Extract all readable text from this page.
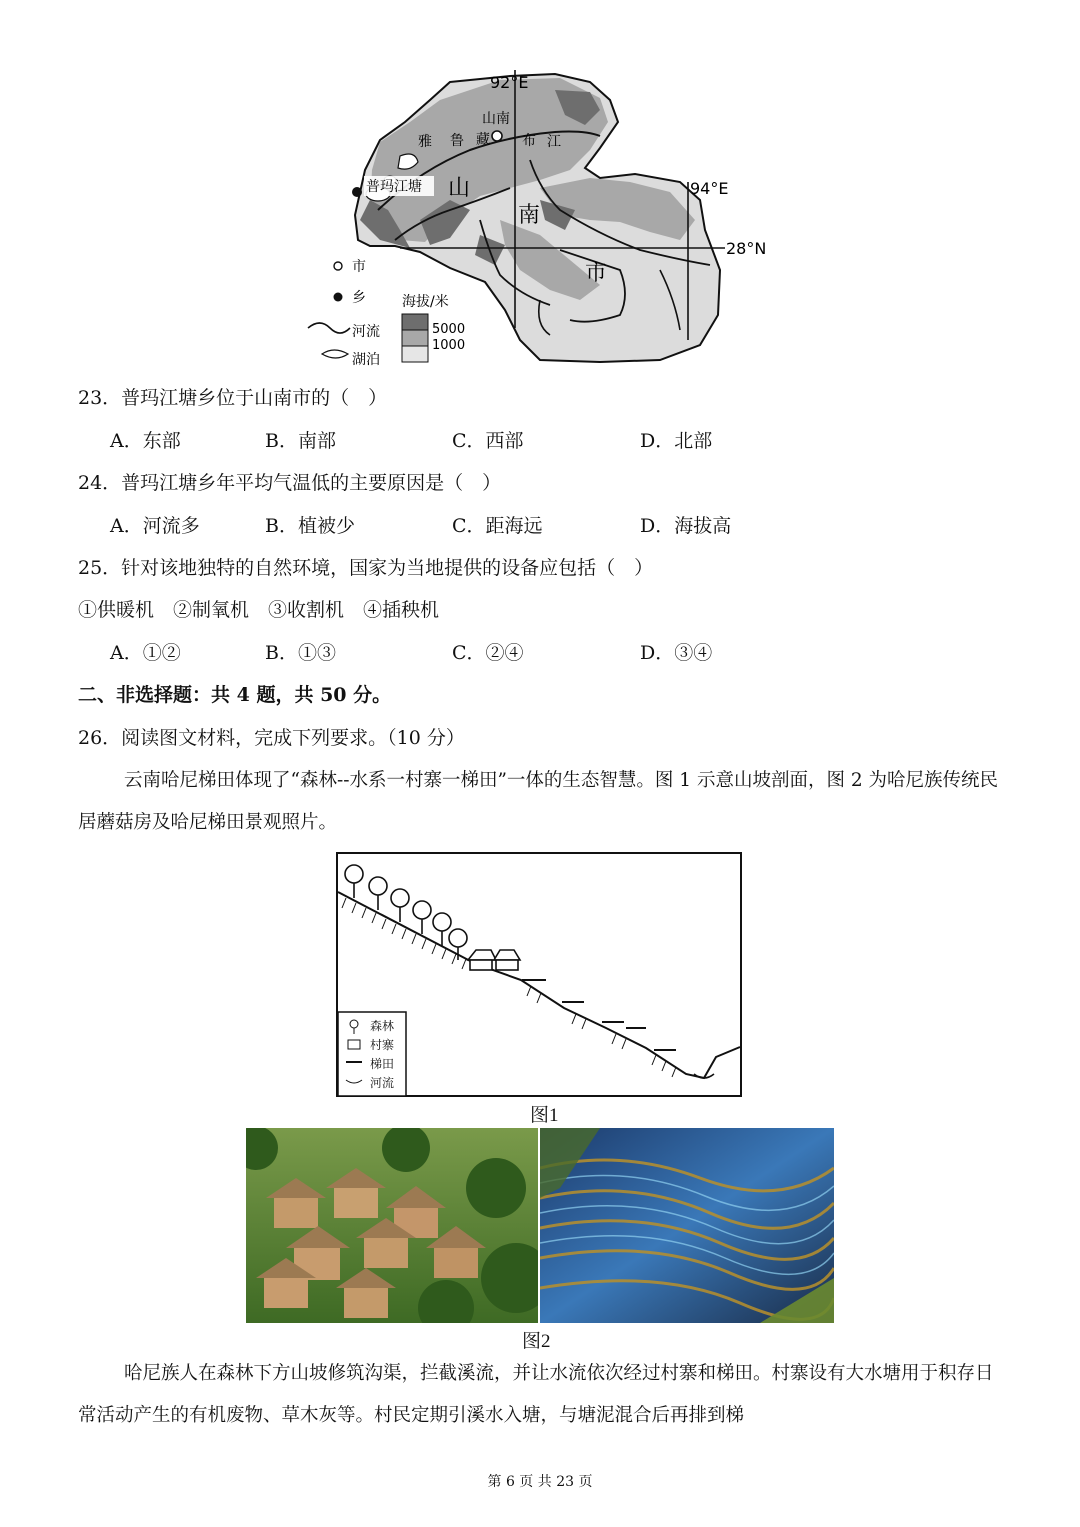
92°E
94°E
28°N
山南
雅 鲁 藏 布 江
普玛江塘 山
南
市
市
乡
河流
湖泊
海拔/米
5000
1000
23．普玛江塘乡位于山南市的（　）
A．东部	B．南部	C．西部	D．北部
24．普玛江塘乡年平均气温低的主要原因是（　）
A．河流多	B．植被少	C．距海远	D．海拔高
25．针对该地独特的自然环境，国家为当地提供的设备应包括（　）
①供暖机　②制氧机　③收割机　④插秧机
A．①②	B．①③	C．②④	D．③④
二、非选择题：共 4 题，共 50 分。
26．阅读图文材料，完成下列要求。（10 分）
云南哈尼梯田体现了“森林--水系一村寨一梯田”一体的生态智慧。图 1 示意山坡剖面，图 2 为哈尼族传统民居蘑菇房及哈尼梯田景观照片。
森林
村寨
梯田
河流
图1
图2
哈尼族人在森林下方山坡修筑沟渠，拦截溪流，并让水流依次经过村寨和梯田。村寨设有大水塘用于积存日常活动产生的有机废物、草木灰等。村民定期引溪水入塘，与塘泥混合后再排到梯
第 6 页 共 23 页
